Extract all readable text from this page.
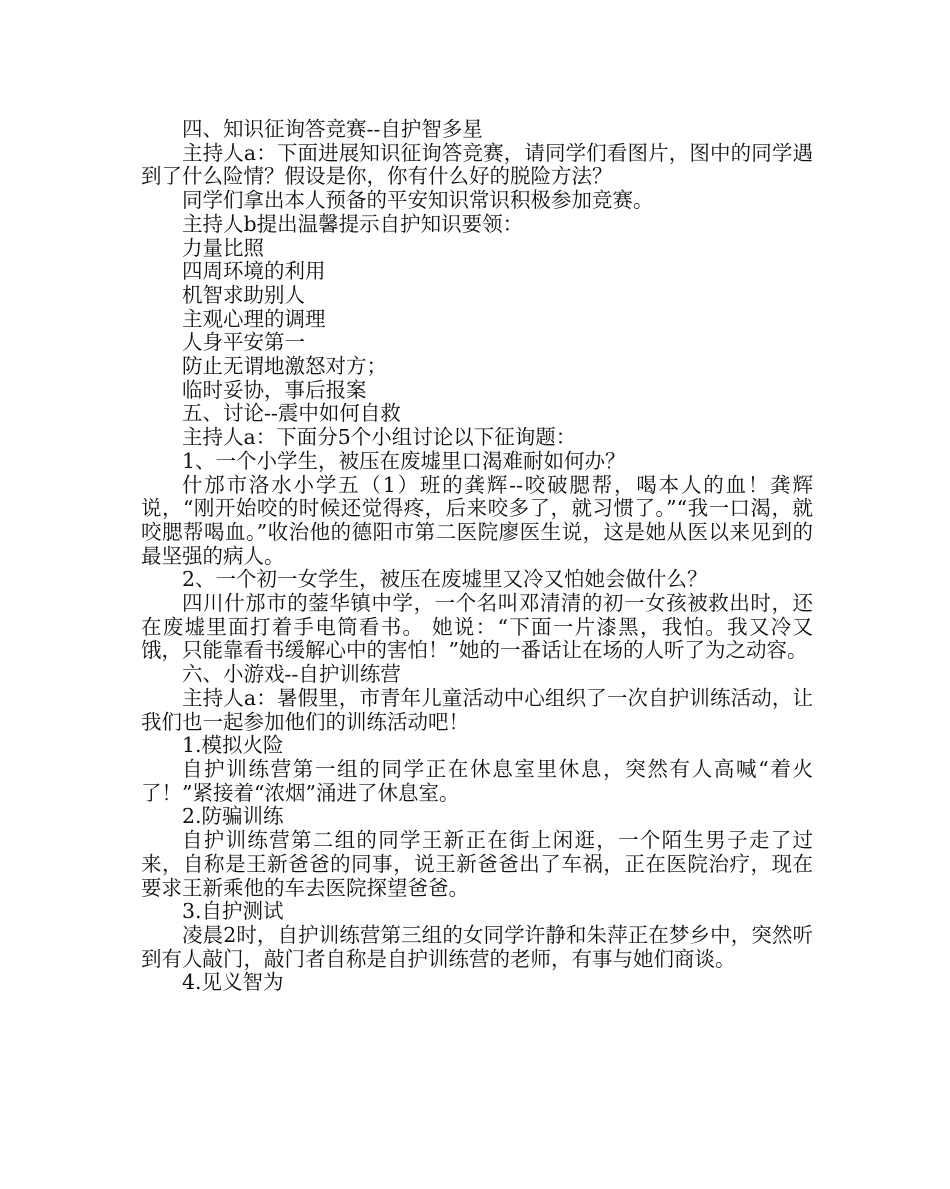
四、知识征询答竞赛--自护智多星

主持人a：下面进展知识征询答竞赛，请同学们看图片，图中的同学遇到了什么险情？假设是你，你有什么好的脱险方法？

同学们拿出本人预备的平安知识常识积极参加竞赛。

主持人b提出温馨提示自护知识要领：

力量比照

四周环境的利用

机智求助别人

主观心理的调理

人身平安第一

防止无谓地激怒对方；

临时妥协，事后报案

五、讨论--震中如何自救

主持人a：下面分5个小组讨论以下征询题：

1、一个小学生，被压在废墟里口渴难耐如何办？

什邡市洛水小学五（1）班的龚辉--咬破腮帮，喝本人的血！龚辉说，“刚开始咬的时候还觉得疼，后来咬多了，就习惯了。”“我一口渴，就咬腮帮喝血。”收治他的德阳市第二医院廖医生说，这是她从医以来见到的最坚强的病人。

2、一个初一女学生，被压在废墟里又冷又怕她会做什么？

四川什邡市的蓥华镇中学，一个名叫邓清清的初一女孩被救出时，还在废墟里面打着手电筒看书。 她说：“下面一片漆黑，我怕。我又冷又饿，只能靠看书缓解心中的害怕！”她的一番话让在场的人听了为之动容。

六、小游戏--自护训练营

主持人a：暑假里，市青年儿童活动中心组织了一次自护训练活动，让我们也一起参加他们的训练活动吧！

1.模拟火险

自护训练营第一组的同学正在休息室里休息，突然有人高喊“着火了！”紧接着“浓烟”涌进了休息室。

2.防骗训练

自护训练营第二组的同学王新正在街上闲逛，一个陌生男子走了过来，自称是王新爸爸的同事，说王新爸爸出了车祸，正在医院治疗，现在要求王新乘他的车去医院探望爸爸。

3.自护测试

凌晨2时，自护训练营第三组的女同学许静和朱萍正在梦乡中，突然听到有人敲门，敲门者自称是自护训练营的老师，有事与她们商谈。

4.见义智为
